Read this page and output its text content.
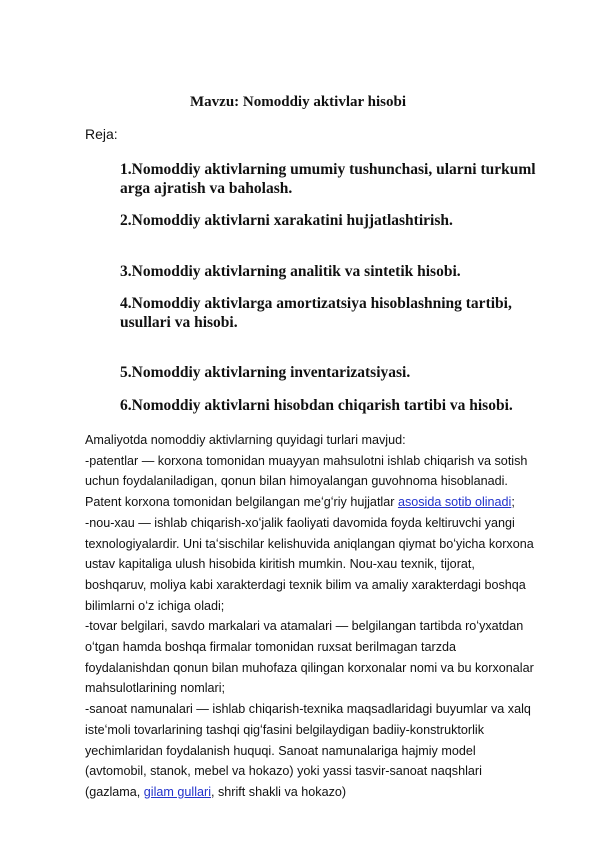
Mavzu: Nomoddiy aktivlar hisobi
Reja:
1.Nomoddiy aktivlarning umumiy tushunchasi, ularni turkuml
arga ajratish va baholash.
2.Nomoddiy aktivlarni xarakatini hujjatlashtirish.
3.Nomoddiy aktivlarning analitik va sintetik hisobi.
4.Nomoddiy aktivlarga amortizatsiya hisoblashning tartibi,
usullari va hisobi.
5.Nomoddiy aktivlarning inventarizatsiyasi.
6.Nomoddiy aktivlarni hisobdan chiqarish tartibi va hisobi.
Amaliyotda nomoddiy aktivlarning quyidagi turlari mavjud:
-patentlar — korxona tomonidan muayyan mahsulotni ishlab chiqarish va sotish
uchun foydalaniladigan, qonun bilan himoyalangan guvohnoma hisoblanadi.
Patent korxona tomonidan belgilangan meʻgʻriy hujjatlar asosida sotib olinadi;
-nou-xau — ishlab chiqarish-xoʻjalik faoliyati davomida foyda keltiruvchi yangi
texnologiyalardir. Uni taʻsischilar kelishuvida aniqlangan qiymat boʻyicha korxona
ustav kapitaliga ulush hisobida kiritish mumkin. Nou-xau texnik, tijorat,
boshqaruv, moliya kabi xarakterdagi texnik bilim va amaliy xarakterdagi boshqa
bilimlarni oʻz ichiga oladi;
-tovar belgilari, savdo markalari va atamalari — belgilangan tartibda roʻyxatdan
oʻtgan hamda boshqa firmalar tomonidan ruxsat berilmagan tarzda
foydalanishdan qonun bilan muhofaza qilingan korxonalar nomi va bu korxonalar
mahsulotlarining nomlari;
-sanoat namunalari — ishlab chiqarish-texnika maqsadlaridagi buyumlar va xalq
isteʻmoli tovarlarining tashqi qigʻfasini belgilaydigan badiiy-konstruktorlik
yechimlaridan foydalanish huquqi. Sanoat namunalariga hajmiy model
(avtomobil, stanok, mebel va hokazo) yoki yassi tasvir-sanoat naqshlari
(gazlama, gilam gullari, shrift shakli va hokazo)
